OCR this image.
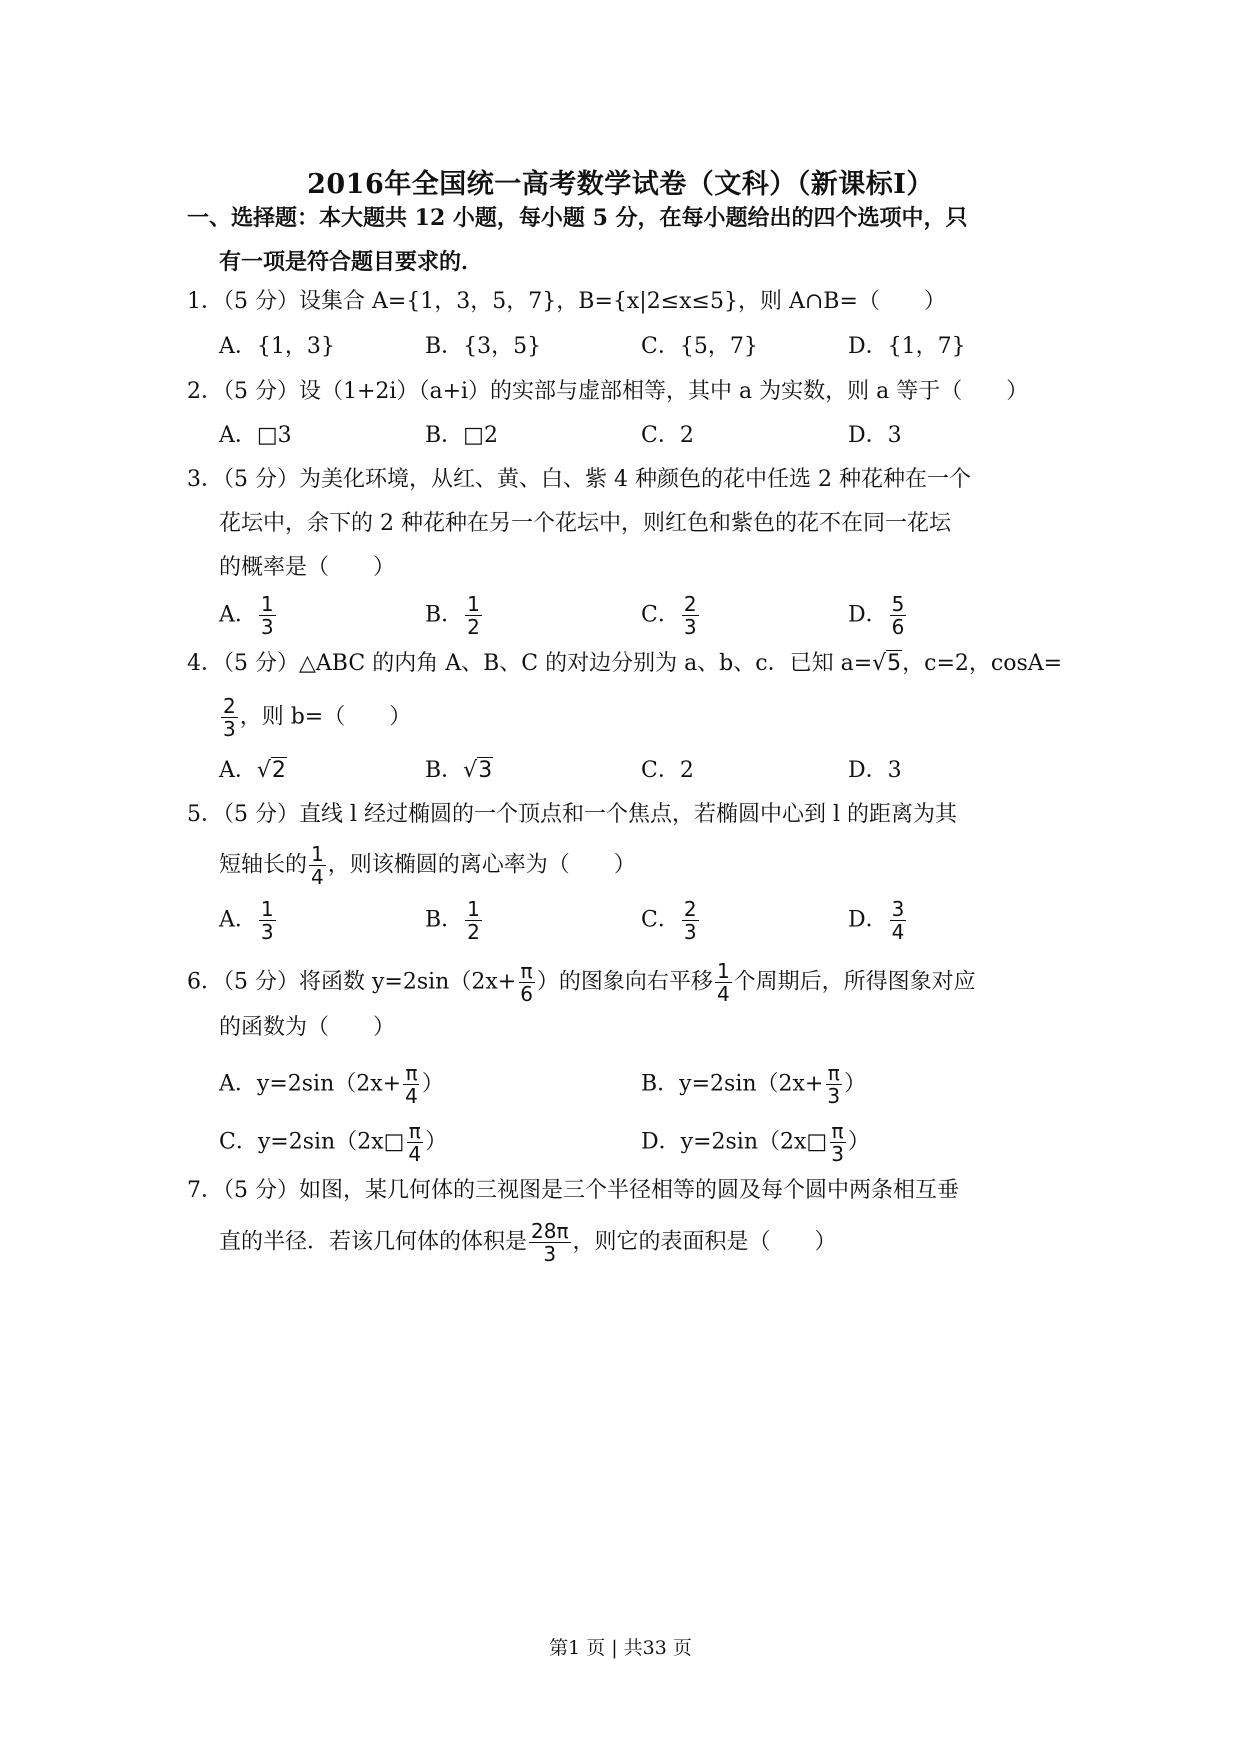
2016年全国统一高考数学试卷（文科）（新课标Ⅰ）
一、选择题：本大题共 12 小题，每小题 5 分，在每小题给出的四个选项中，只
有一项是符合题目要求的．
1．（5 分）设集合 A={1，3，5，7}，B={x|2≤x≤5}，则 A∩B=（　　）
A．{1，3}	B．{3，5}	C．{5，7}	D．{1，7}
2．（5 分）设（1+2i）（a+i）的实部与虚部相等，其中 a 为实数，则 a 等于（　　）
A．□3	B．□2	C．2	D．3
3．（5 分）为美化环境，从红、黄、白、紫 4 种颜色的花中任选 2 种花种在一个
花坛中，余下的 2 种花种在另一个花坛中，则红色和紫色的花不在同一花坛
的概率是（　　）
A． $\frac{1}{3}$	B． $\frac{1}{2}$	C． $\frac{2}{3}$	D． $\frac{5}{6}$
4．（5 分）△ABC 的内角 A、B、C 的对边分别为 a、b、c．已知 a=√5，c=2，cosA=
$\frac{2}{3}$ ，则 b=（　　）
A．√2	B．√3	C．2	D．3
5．（5 分）直线 l 经过椭圆的一个顶点和一个焦点，若椭圆中心到 l 的距离为其
短轴长的 $\frac{1}{4}$ ，则该椭圆的离心率为（　　）
A． $\frac{1}{3}$	B． $\frac{1}{2}$	C． $\frac{2}{3}$	D． $\frac{3}{4}$
6．（5 分）将函数 $y=2\sin(2x+ \frac{\pi}{6}$ ）的图象向右平移 $\frac{1}{4}$ 个周期后，所得图象对应
的函数为（　　）
A．$y=2\sin(2x+ \frac{\pi}{4}$ ）	B．$y=2\sin(2x+ \frac{\pi}{3}$ ）
C．y=2sin（2x□ $\frac{\pi}{4}$ ）	D．y=2sin（2x□ $\frac{\pi}{3}$ ）
7．（5 分）如图，某几何体的三视图是三个半径相等的圆及每个圆中两条相互垂
直的半径．若该几何体的体积是 $\frac{28\pi}{3}$ ，则它的表面积是（　　）
第1 页 | 共33 页
